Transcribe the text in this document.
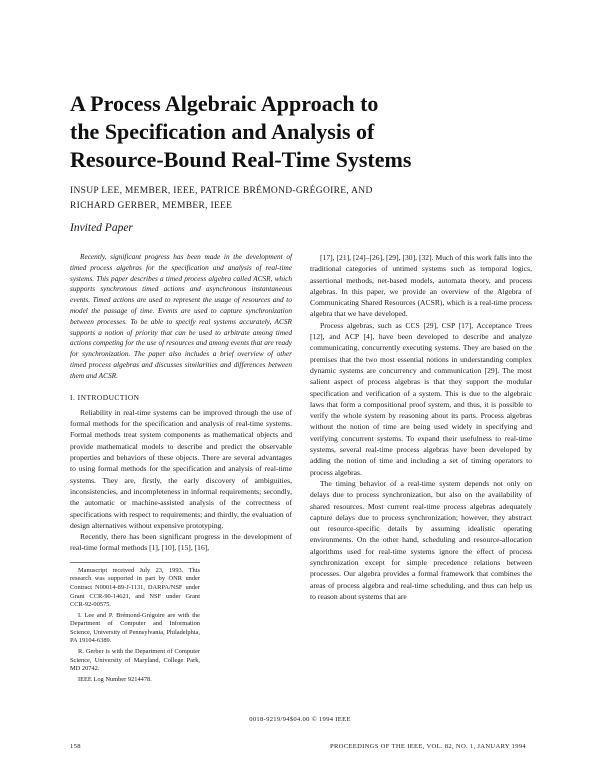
A Process Algebraic Approach to
the Specification and Analysis of
Resource-Bound Real-Time Systems
INSUP LEE, MEMBER, IEEE, PATRICE BRÉMOND-GRÉGOIRE, AND
RICHARD GERBER, MEMBER, IEEE
Invited Paper

Recently, significant progress has been made in the development of timed process algebras for the specification and analysis of real-time systems. This paper describes a timed process algebra called ACSR, which supports synchronous timed actions and asynchronous instantaneous events. Timed actions are used to represent the usage of resources and to model the passage of time. Events are used to capture synchronization between processes. To be able to specify real systems accurately, ACSR supports a notion of priority that can be used to arbitrate among timed actions competing for the use of resources and among events that are ready for synchronization. The paper also includes a brief overview of other timed process algebras and discusses similarities and differences between them and ACSR.

I. INTRODUCTION

Reliability in real-time systems can be improved through the use of formal methods for the specification and analysis of real-time systems. Formal methods treat system components as mathematical objects and provide mathematical models to describe and predict the observable properties and behaviors of these objects. There are several advantages to using formal methods for the specification and analysis of real-time systems. They are, firstly, the early discovery of ambiguities, inconsistencies, and incompleteness in informal requirements; secondly, the automatic or machine-assisted analysis of the correctness of specifications with respect to requirements; and thirdly, the evaluation of design alternatives without expensive prototyping.

Recently, there has been significant progress in the development of real-time formal methods [1], [10], [15], [16],

Manuscript received July 23, 1993. This research was supported in part by ONR under Contract N00014-89-J-1131, DARPA/NSF under Grant CCR-90-14621, and NSF under Grant CCR-92-00575.

I. Lee and P. Brémond-Grégoire are with the Department of Computer and Information Science, University of Pennsylvania, Philadelphia, PA 19104-6389.

R. Gerber is with the Department of Computer Science, University of Maryland, College Park, MD 20742.

IEEE Log Number 9214478.

[17], [21], [24]–[26], [29], [30], [32]. Much of this work falls into the traditional categories of untimed systems such as temporal logics, assertional methods, net-based models, automata theory, and process algebras. In this paper, we provide an overview of the Algebra of Communicating Shared Resources (ACSR), which is a real-time process algebra that we have developed.

Process algebras, such as CCS [29], CSP [17], Acceptance Trees [12], and ACP [4], have been developed to describe and analyze communicating, concurrently executing systems. They are based on the premises that the two most essential notions in understanding complex dynamic systems are concurrency and communication [29]. The most salient aspect of process algebras is that they support the modular specification and verification of a system. This is due to the algebraic laws that form a compositional proof system, and thus, it is possible to verify the whole system by reasoning about its parts. Process algebras without the notion of time are being used widely in specifying and verifying concurrent systems. To expand their usefulness to real-time systems, several real-time process algebras have been developed by adding the notion of time and including a set of timing operators to process algebras.

The timing behavior of a real-time system depends not only on delays due to process synchronization, but also on the availability of shared resources. Most current real-time process algebras adequately capture delays due to process synchronization; however, they abstract out resource-specific details by assuming idealistic operating environments. On the other hand, scheduling and resource-allocation algorithms used for real-time systems ignore the effect of process synchronization except for simple precedence relations between processes. Our algebra provides a formal framework that combines the areas of process algebra and real-time scheduling, and thus can help us to reason about systems that are

0018-9219/94$04.00 © 1994 IEEE
158	PROCEEDINGS OF THE IEEE, VOL. 82, NO. 1, JANUARY 1994
